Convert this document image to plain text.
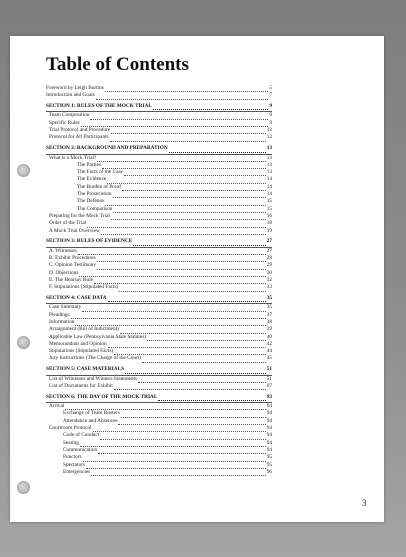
Table of Contents
Foreword by Leigh Bortins	5
Introduction and Goals	7
SECTION 1: RULES OF THE MOCK TRIAL	9
Team Composition	9
Specific Rules	9
Trial Protocol and Procedure	12
Protocol for All Participants	12
SECTION 2: BACKGROUND AND PREPARATION	13
What is a Mock Trial?	13
The Parties	13
The Facts of the Case	13
The Evidence	14
The Burden of Proof	14
The Prosecution	14
The Defense	15
The Comparison	15
Preparing for the Mock Trial	16
Order of the Trial	18
A Mock Trial Overview	19
SECTION 3: RULES OF EVIDENCE	27
A. Witnesses	27
B. Exhibit Procedures	28
C. Opinion Testimony	29
D. Objections	30
E. The Hearsay Rule	32
F. Stipulations (Stipulated Facts)	33
SECTION 4: CASE DATA	35
Case Summary	35
Pleadings	37
Information	38
Arraignment (Bill of Indictment)	39
Applicable Law (Pennsylvania State Statutes)	40
Memorandum and Opinion	42
Stipulations (Stipulated Facts)	44
Jury Instructions (The Charge of the Court)	45
SECTION 5: CASE MATERIALS	51
List of Witnesses and Witness Statements	51
List of Documents for Exhibit	67
SECTION 6: THE DAY OF THE MOCK TRIAL	93
Arrival	94
Exchange of Team Rosters	94
Attendance and Absences	94
Courtroom Protocol	94
Code of Conduct	94
Seating	94
Communication	94
Punctors	95
Spectators	95
Emergencies	96
3
